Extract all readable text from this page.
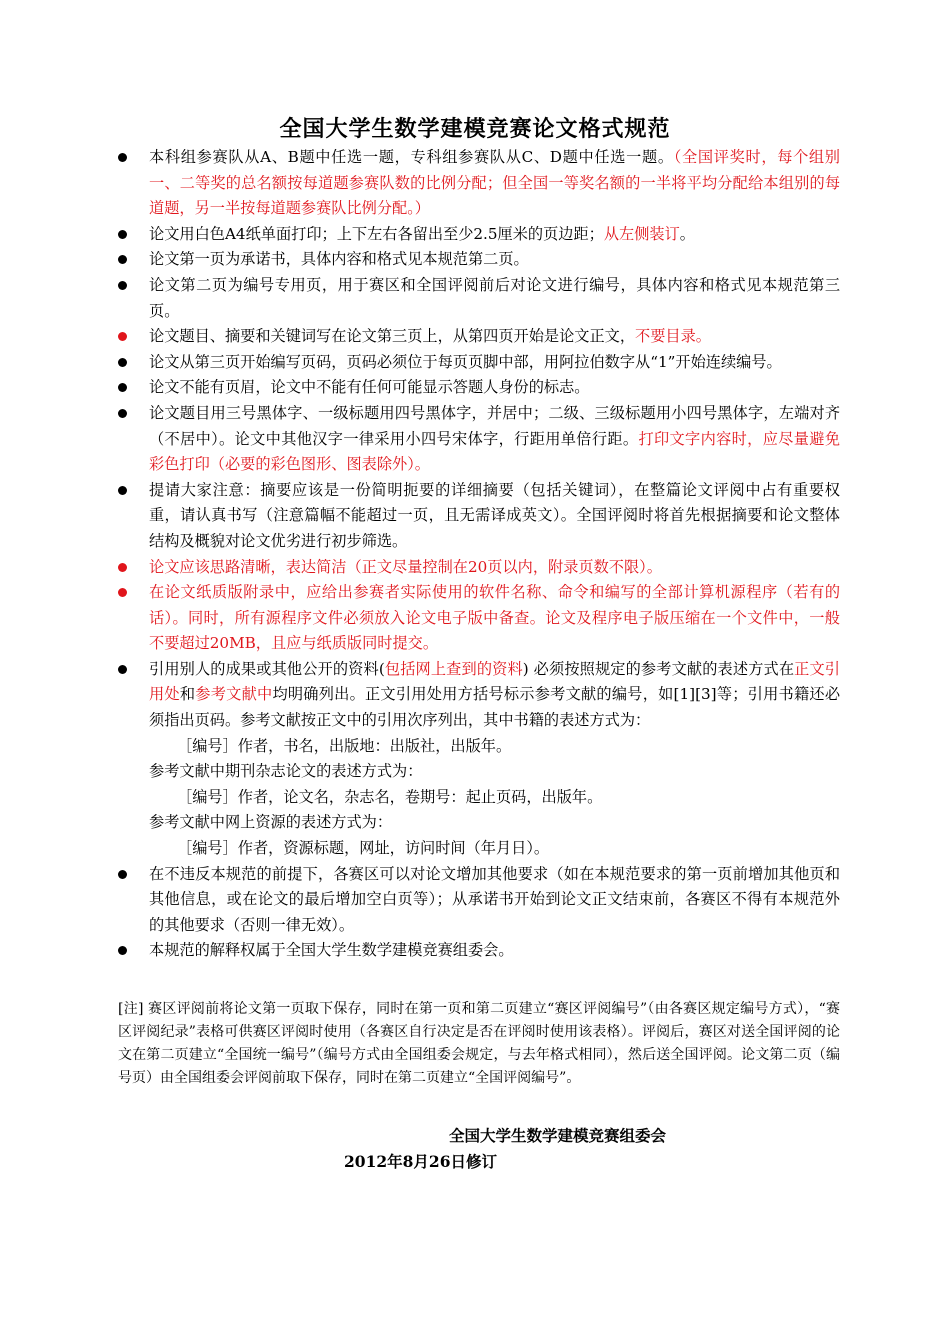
全国大学生数学建模竞赛论文格式规范
本科组参赛队从A、B题中任选一题，专科组参赛队从C、D题中任选一题。（全国评奖时，每个组别一、二等奖的总名额按每道题参赛队数的比例分配；但全国一等奖名额的一半将平均分配给本组别的每道题，另一半按每道题参赛队比例分配。）
论文用白色A4纸单面打印；上下左右各留出至少2.5厘米的页边距；从左侧装订。
论文第一页为承诺书，具体内容和格式见本规范第二页。
论文第二页为编号专用页，用于赛区和全国评阅前后对论文进行编号，具体内容和格式见本规范第三页。
论文题目、摘要和关键词写在论文第三页上，从第四页开始是论文正文，不要目录。
论文从第三页开始编写页码，页码必须位于每页页脚中部，用阿拉伯数字从“1”开始连续编号。
论文不能有页眉，论文中不能有任何可能显示答题人身份的标志。
论文题目用三号黑体字、一级标题用四号黑体字，并居中；二级、三级标题用小四号黑体字，左端对齐（不居中）。论文中其他汉字一律采用小四号宋体字，行距用单倍行距。打印文字内容时，应尽量避免彩色打印（必要的彩色图形、图表除外）。
提请大家注意：摘要应该是一份简明扼要的详细摘要（包括关键词），在整篇论文评阅中占有重要权重，请认真书写（注意篇幅不能超过一页，且无需译成英文）。全国评阅时将首先根据摘要和论文整体结构及概貌对论文优劣进行初步筛选。
论文应该思路清晰，表达简洁（正文尽量控制在20页以内，附录页数不限）。
在论文纸质版附录中，应给出参赛者实际使用的软件名称、命令和编写的全部计算机源程序（若有的话）。同时，所有源程序文件必须放入论文电子版中备查。论文及程序电子版压缩在一个文件中，一般不要超过20MB，且应与纸质版同时提交。
引用别人的成果或其他公开的资料(包括网上查到的资料) 必须按照规定的参考文献的表述方式在正文引用处和参考文献中均明确列出。正文引用处用方括号标示参考文献的编号，如[1][3]等；引用书籍还必须指出页码。参考文献按正文中的引用次序列出，其中书籍的表述方式为：
［编号］作者，书名，出版地：出版社，出版年。
参考文献中期刊杂志论文的表述方式为：
［编号］作者，论文名，杂志名，卷期号：起止页码，出版年。
参考文献中网上资源的表述方式为：
［编号］作者，资源标题，网址，访问时间（年月日）。
在不违反本规范的前提下，各赛区可以对论文增加其他要求（如在本规范要求的第一页前增加其他页和其他信息，或在论文的最后增加空白页等）；从承诺书开始到论文正文结束前，各赛区不得有本规范外的其他要求（否则一律无效）。
本规范的解释权属于全国大学生数学建模竞赛组委会。
[注] 赛区评阅前将论文第一页取下保存，同时在第一页和第二页建立“赛区评阅编号”（由各赛区规定编号方式），“赛区评阅纪录”表格可供赛区评阅时使用（各赛区自行决定是否在评阅时使用该表格）。评阅后，赛区对送全国评阅的论文在第二页建立“全国统一编号”（编号方式由全国组委会规定，与去年格式相同），然后送全国评阅。论文第二页（编号页）由全国组委会评阅前取下保存，同时在第二页建立“全国评阅编号”。
全国大学生数学建模竞赛组委会
2012年8月26日修订
